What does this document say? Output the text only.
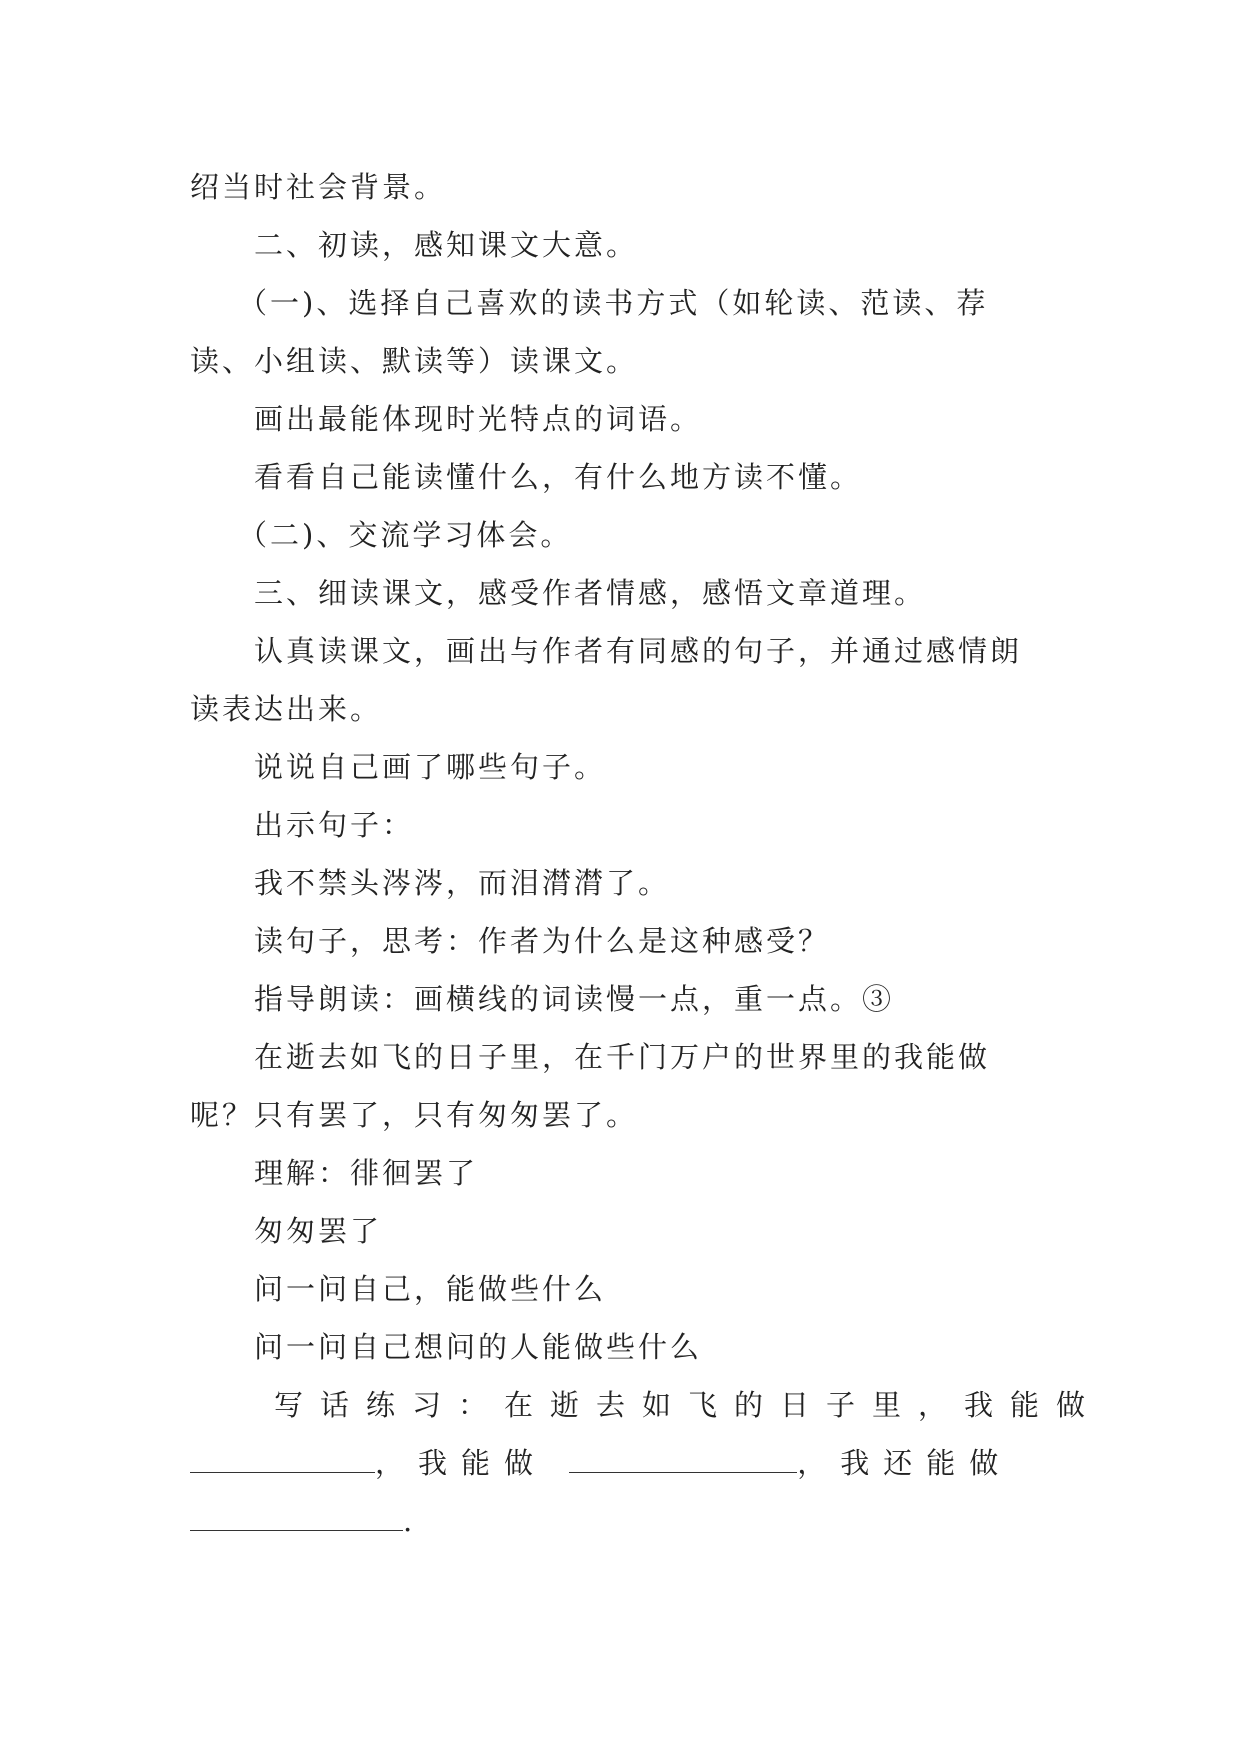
绍当时社会背景。

二、初读，感知课文大意。

（一)、选择自己喜欢的读书方式（如轮读、范读、荐

读、小组读、默读等）读课文。

画出最能体现时光特点的词语。

看看自己能读懂什么，有什么地方读不懂。

（二)、交流学习体会。

三、细读课文，感受作者情感，感悟文章道理。

认真读课文，画出与作者有同感的句子，并通过感情朗

读表达出来。

说说自己画了哪些句子。

出示句子：

我不禁头涔涔，而泪潸潸了。

读句子，思考：作者为什么是这种感受？

指导朗读：画横线的词读慢一点，重一点。③

在逝去如飞的日子里，在千门万户的世界里的我能做

呢？只有罢了，只有匆匆罢了。

理解：徘徊罢了

匆匆罢了

问一问自己，能做些什么

问一问自己想问的人能做些什么

写话练习：在逝去如飞的日子里，我能做

，我能做	，我还能做

.
